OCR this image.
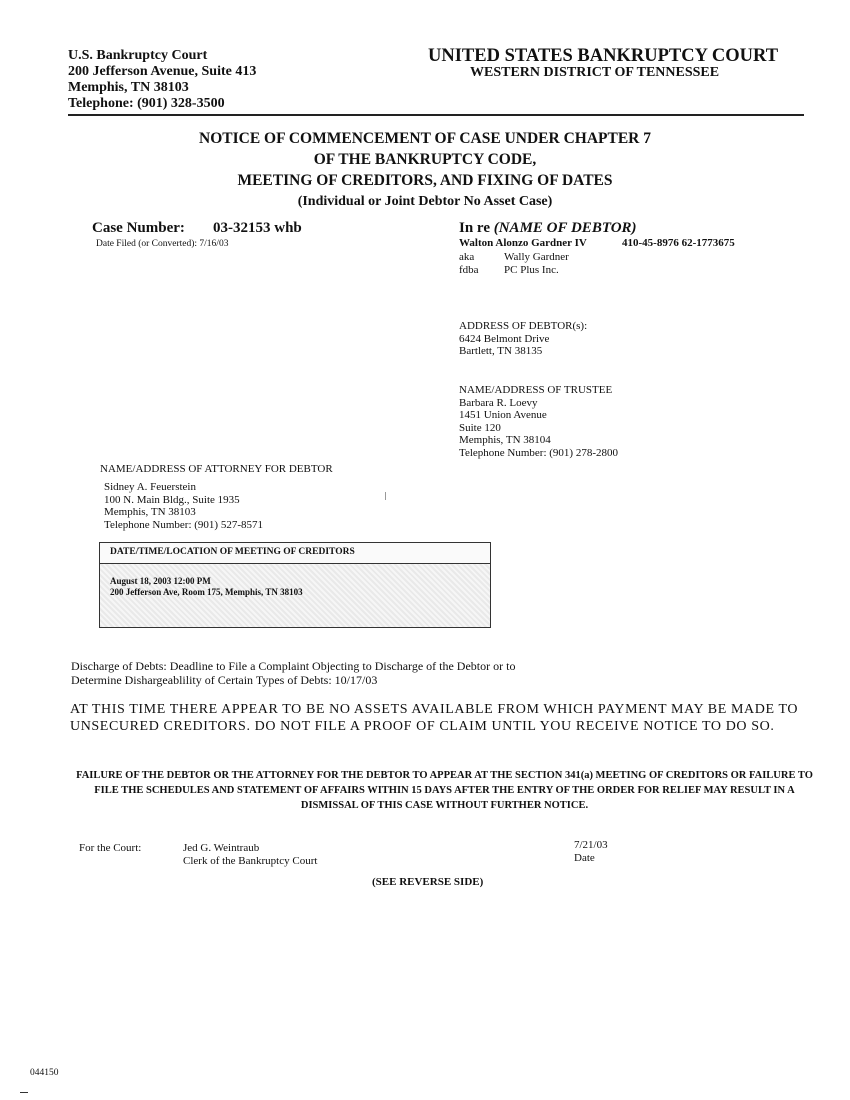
U.S. Bankruptcy Court
200 Jefferson Avenue, Suite 413
Memphis, TN 38103
Telephone: (901) 328-3500
UNITED STATES BANKRUPTCY COURT
WESTERN DISTRICT OF TENNESSEE
NOTICE OF COMMENCEMENT OF CASE UNDER CHAPTER 7
OF THE BANKRUPTCY CODE,
MEETING OF CREDITORS, AND FIXING OF DATES
(Individual or Joint Debtor No Asset Case)
Case Number: 03-32153 whb
Date Filed (or Converted): 7/16/03
In re (NAME OF DEBTOR)
Walton Alonzo Gardner IV	410-45-8976 62-1773675
aka	Wally Gardner
fdba PC Plus Inc.
ADDRESS OF DEBTOR(s):
6424 Belmont Drive
Bartlett, TN 38135
NAME/ADDRESS OF TRUSTEE
Barbara R. Loevy
1451 Union Avenue
Suite 120
Memphis, TN 38104
Telephone Number: (901) 278-2800
NAME/ADDRESS OF ATTORNEY FOR DEBTOR
Sidney A. Feuerstein
100 N. Main Bldg., Suite 1935
Memphis, TN 38103
Telephone Number: (901) 527-8571
DATE/TIME/LOCATION OF MEETING OF CREDITORS
August 18, 2003 12:00 PM
200 Jefferson Ave, Room 175, Memphis, TN 38103
Discharge of Debts: Deadline to File a Complaint Objecting to Discharge of the Debtor or to
Determine Dishargeablility of Certain Types of Debts: 10/17/03
AT THIS TIME THERE APPEAR TO BE NO ASSETS AVAILABLE FROM WHICH PAYMENT MAY BE MADE TO UNSECURED CREDITORS. DO NOT FILE A PROOF OF CLAIM UNTIL YOU RECEIVE NOTICE TO DO SO.
FAILURE OF THE DEBTOR OR THE ATTORNEY FOR THE DEBTOR TO APPEAR AT THE SECTION 341(a) MEETING OF CREDITORS OR FAILURE TO FILE THE SCHEDULES AND STATEMENT OF AFFAIRS WITHIN 15 DAYS AFTER THE ENTRY OF THE ORDER FOR RELIEF MAY RESULT IN A DISMISSAL OF THIS CASE WITHOUT FURTHER NOTICE.
For the Court:	Jed G. Weintraub
Clerk of the Bankruptcy Court
7/21/03
Date
(SEE REVERSE SIDE)
044150
